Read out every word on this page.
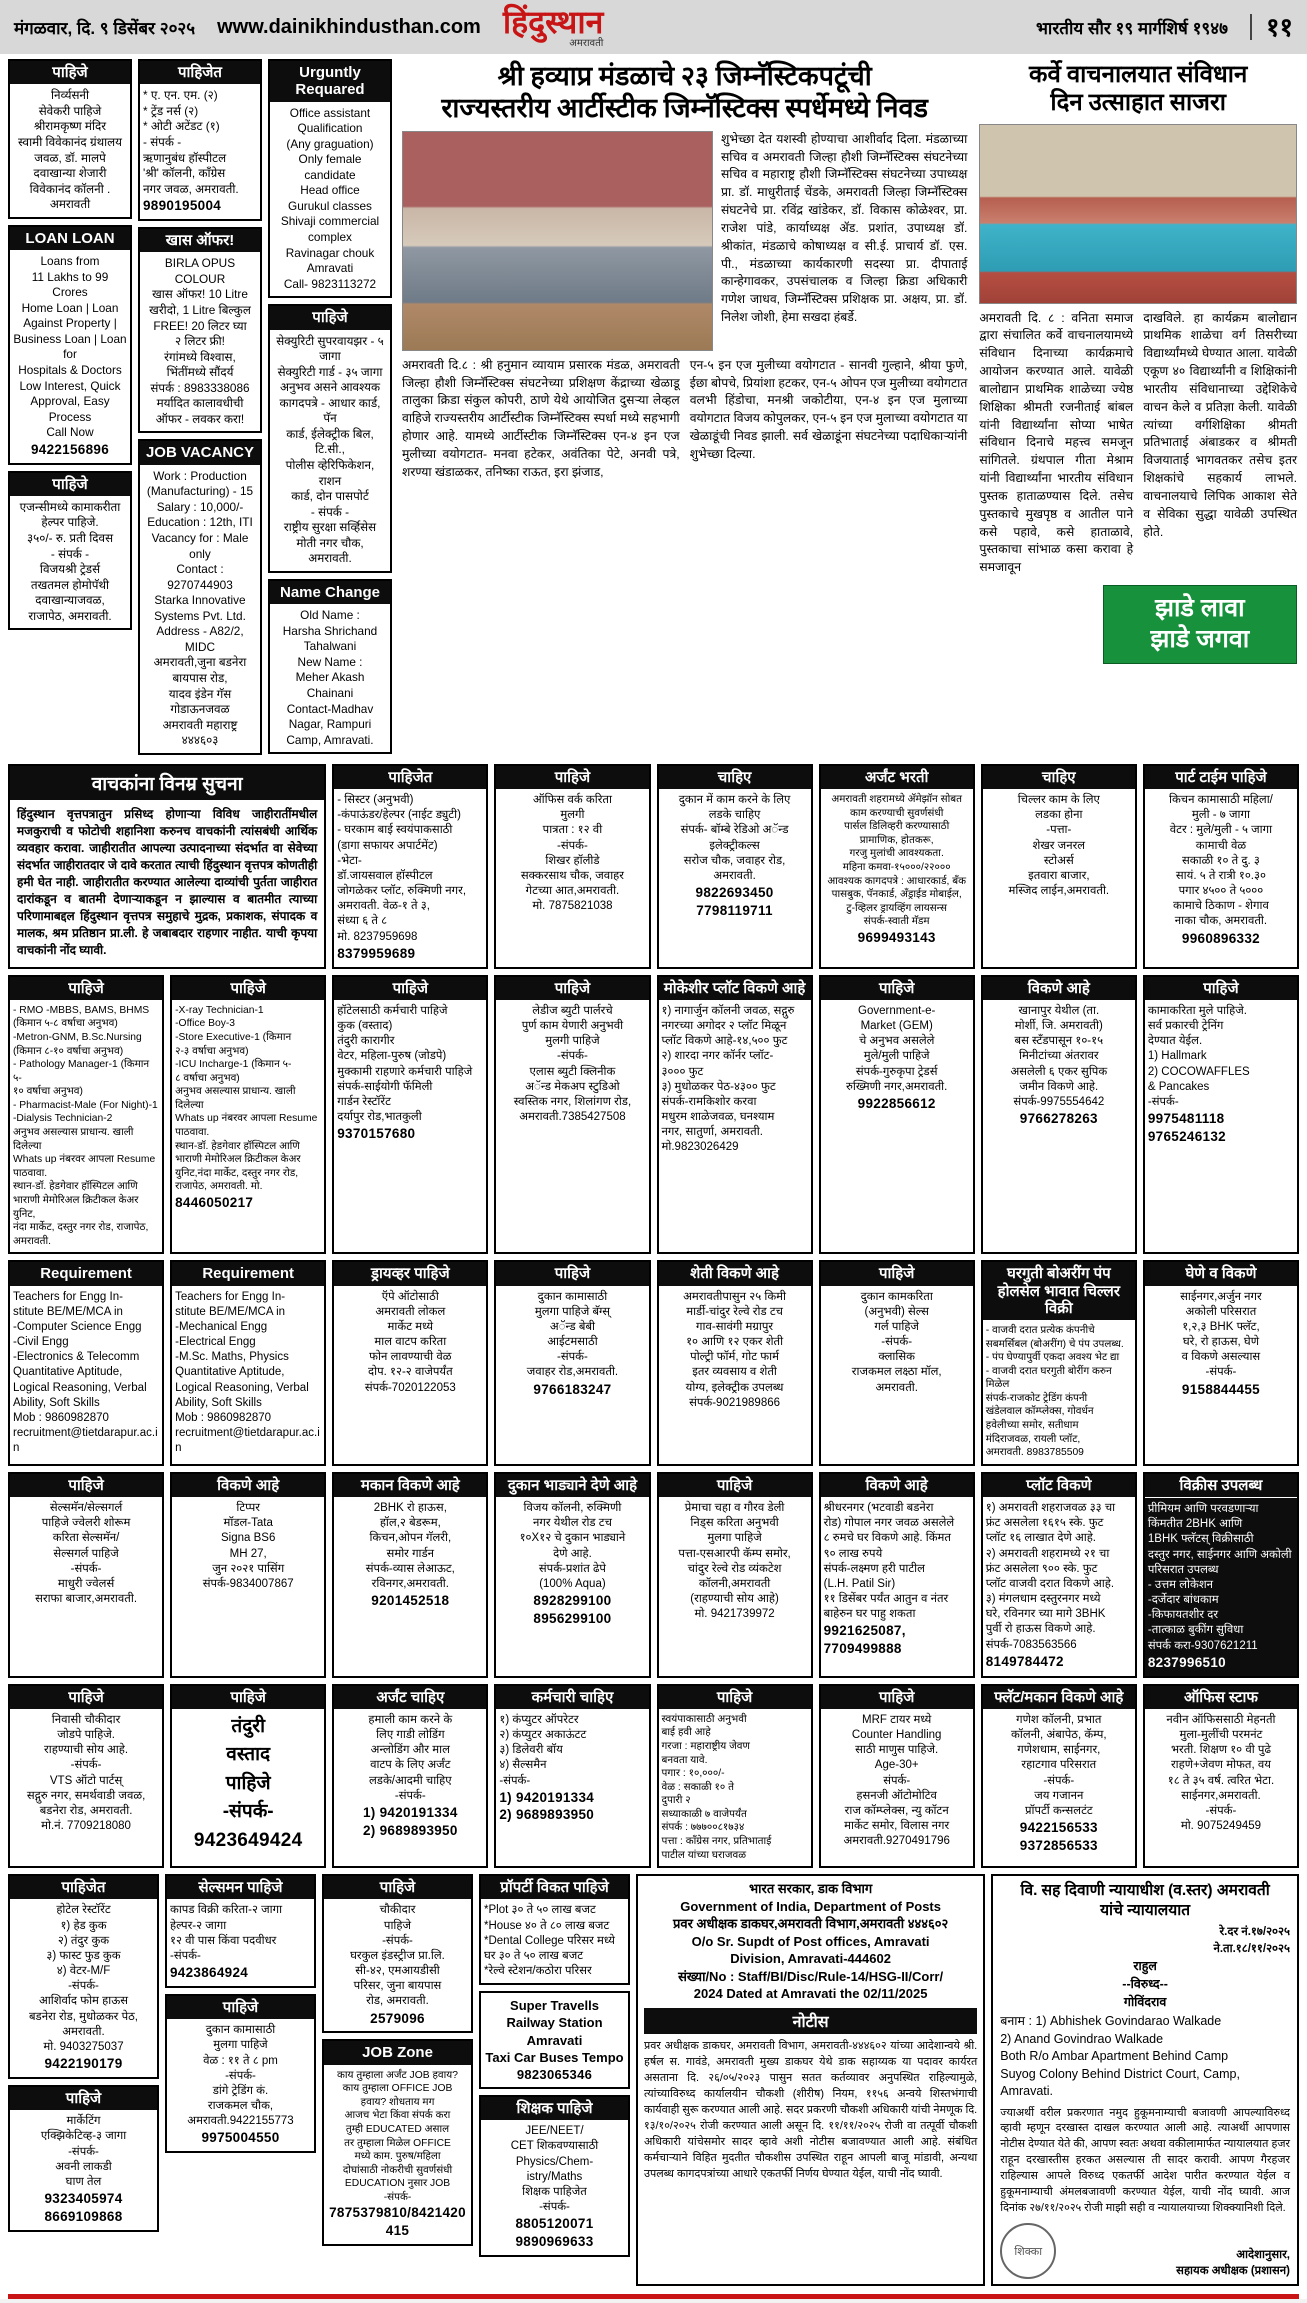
मंगळवार, दि. ९ डिसेंबर २०२५ www.dainikhindusthan.com हिंदुस्थान
अमरावती
भारतीय सौर १९ मार्गशिर्ष १९४७	११
पाहिजे
निर्व्यसनी
सेवेकरी पाहिजे
श्रीरामकृष्ण मंदिर
स्वामी विवेकानंद ग्रंथालय
जवळ, डॉ. मालपे
दवाखान्या शेजारी
विवेकानंद कॉलनी .
अमरावती
LOAN LOAN
Loans from
11 Lakhs to 99 Crores
Home Loan | Loan
Against Property |
Business Loan | Loan for
Hospitals & Doctors
Low Interest, Quick
Approval, Easy Process
Call Now
9422156896
पाहिजे
एजन्सीमध्ये कामाकरीता
हेल्पर पाहिजे.
३५०/- रु. प्रती दिवस
- संपर्क -
विजयश्री ट्रेडर्स
तखतमल होमोपॅथी
दवाखान्याजवळ,
राजापेठ, अमरावती.
पाहिजेत
* ए. एन. एम. (२)
* ट्रेंड नर्स (२)
* ओटी अटेंडट (१)
- संपर्क -
ऋणानुबंध हॉस्पीटल
'श्री' कॉलनी, काँग्रेस
नगर जवळ, अमरावती.
9890195004
खास ऑफर!
BIRLA OPUS COLOUR
खास ऑफर! 10 Litre
खरीदो, 1 Litre बिल्कुल
FREE! 20 लिटर घ्या
२ लिटर फ्री!
रंगांमध्ये विश्वास,
भिंतींमध्ये सौंदर्य
संपर्क : 8983338086
मर्यादित कालावधीची
ऑफर - लवकर करा!
JOB VACANCY
Work : Production
(Manufacturing) - 15
Salary : 10,000/-
Education : 12th, ITI
Vacancy for : Male only
Contact : 9270744903
Starka Innovative
Systems Pvt. Ltd.
Address - A82/2, MIDC
अमरावती,जुना बडनेरा बायपास रोड,
यादव इंडेन गॅस गोडाऊनजवळ
अमरावती महाराष्ट्र ४४४६०३
Urguntly Requared
Office assistant
Qualification
(Any graguation)
Only female candidate
Head office
Gurukul classes
Shivaji commercial complex
Ravinagar chouk Amravati
Call- 9823113272
पाहिजे
सेक्युरिटी सुपरवायझर - ५ जागा
सेक्युरिटी गार्ड - ३५ जागा
अनुभव असने आवश्यक
कागदपत्रे - आधार कार्ड, पॅन
कार्ड, ईलेक्ट्रीक बिल, टि.सी.,
पोलीस व्हेरिफिकेशन, राशन
कार्ड, दोन पासपोर्ट
- संपर्क -
राष्ट्रीय सुरक्षा सर्व्हिसेस
मोती नगर चौक, अमरावती.
Name Change
Old Name :
Harsha Shrichand
Tahalwani
New Name :
Meher Akash
Chainani
Contact-Madhav
Nagar, Rampuri
Camp, Amravati.
श्री हव्याप्र मंडळाचे २३ जिम्नॅस्टिकपटूंची
राज्यस्तरीय आर्टीस्टीक जिम्नॅस्टिक्स स्पर्धेमध्ये निवड
शुभेच्छा देत यशस्वी होण्याचा आशीर्वाद दिला. मंडळाच्या सचिव व अमरावती जिल्हा हौशी जिम्नॅस्टिक्स संघटनेच्या सचिव व महाराष्ट्र हौशी जिम्नॅस्टिक्स संघटनेच्या उपाध्यक्ष प्रा. डॉ. माधुरीताई चेंडके, अमरावती जिल्हा जिम्नॅस्टिक्स संघटनेचे प्रा. रविंद्र खांडेकर, डॉ. विकास कोळेश्वर, प्रा. राजेश पांडे, कार्याध्यक्ष ॲड. प्रशांत, उपाध्यक्ष डॉ. श्रीकांत, मंडळाचे कोषाध्यक्ष व सी.ई. प्राचार्य डॉ. एस. पी., मंडळाच्या कार्यकारणी सदस्या प्रा. दीपाताई कान्हेगावकर, उपसंचालक व जिल्हा क्रिडा अधिकारी गणेश जाधव, जिम्नॅस्टिक्स प्रशिक्षक प्रा. अक्षय, प्रा. डॉ. निलेश जोशी, हेमा सखदा हंबर्डे.
अमरावती दि.८ : श्री हनुमान व्यायाम प्रसारक मंडळ, अमरावती जिल्हा हौशी जिम्नॅस्टिक्स संघटनेच्या प्रशिक्षण केंद्राच्या खेळाडू तालुका क्रिडा संकुल कोपरी, ठाणे येथे आयोजित दुसऱ्या लेव्हल वाहिजे राज्यस्तरीय आर्टीस्टीक जिम्नॅस्टिक्स स्पर्धा मध्ये सहभागी होणार आहे. यामध्ये आर्टीस्टीक जिम्नॅस्टिक्स एन-४ इन एज मुलीच्या वयोगटात- मनवा हटेकर, अवंतिका पेटे, अनवी पत्रे, शरण्या खंडाळकर, तनिष्का राऊत, इरा झंजाड,
एन-५ इन एज मुलीच्या वयोगटात - सानवी गुल्हाने, श्रीया फुणे, ईछा बोपचे, प्रियांशा हटकर, एन-५ ओपन एज मुलीच्या वयोगटात वलभी हिंडोचा, मनश्री जकोटीया, एन-४ इन एज मुलाच्या वयोगटात विजय कोपुलकर, एन-५ इन एज मुलाच्या वयोगटात या खेळाडूंची निवड झाली. सर्व खेळाडूंना संघटनेच्या पदाधिकाऱ्यांनी शुभेच्छा दिल्या.
कर्वे वाचनालयात संविधान
दिन उत्साहात साजरा
अमरावती दि. ८ : वनिता समाज द्वारा संचालित कर्वे वाचनालयामध्ये संविधान दिनाच्या कार्यक्रमाचे आयोजन करण्यात आले. यावेळी बालोद्यान प्राथमिक शाळेच्या ज्येष्ठ शिक्षिका श्रीमती रजनीताई बांबल यांनी विद्यार्थ्यांना सोप्या भाषेत संविधान दिनाचे महत्त्व समजून सांगितले. ग्रंथपाल गीता मेश्राम यांनी विद्यार्थ्यांना भारतीय संविधान पुस्तक हाताळण्यास दिले. तसेच पुस्तकाचे मुखपृष्ठ व आतील पाने कसे पहावे, कसे हाताळावे, पुस्तकाचा सांभाळ कसा करावा हे समजावून
दाखविले. हा कार्यक्रम बालोद्यान प्राथमिक शाळेचा वर्ग तिसरीच्या विद्यार्थ्यांमध्ये घेण्यात आला. यावेळी एकूण ४० विद्यार्थ्यांनी व शिक्षिकांनी भारतीय संविधानाच्या उद्देशिकेचे वाचन केले व प्रतिज्ञा केली. यावेळी त्यांच्या वर्गशिक्षिका श्रीमती प्रतिभाताई अंबाडकर व श्रीमती विजयाताई भागवतकर तसेच इतर शिक्षकांचे सहकार्य लाभले. वाचनालयाचे लिपिक आकाश सेते व सेविका सुद्धा यावेळी उपस्थित होते.
झाडे लावा
झाडे जगवा
वाचकांना विनम्र सुचना
हिंदुस्थान वृत्तपत्रातुन प्रसिध्द होणाऱ्या विविध जाहीरातींमधील मजकुराची व फोटोची शहानिशा करुनच वाचकांनी त्यांसबंधी आर्थिक व्यवहार करावा. जाहीरातीत आपल्या उत्पादनाच्या संदर्भात वा सेवेच्या संदर्भात जाहीरातदार जे दावे करतात त्याची हिंदुस्थान वृत्तपत्र कोणतीही हमी घेत नाही. जाहीरातीत करण्यात आलेल्या दाव्यांची पुर्तता जाहीरात दारांकडून व बातमी देणाऱ्याकडून न झाल्यास व बातमीत त्याच्या परिणामाबद्दल हिंदुस्थान वृत्तपत्र समुहाचे मुद्रक, प्रकाशक, संपादक व मालक, श्रम प्रतिष्ठान प्रा.ली. हे जबाबदार राहणार नाहीत. याची कृपया वाचकांनी नोंद घ्यावी.
पाहिजेत
- सिस्टर (अनुभवी)
-कंपाऊंडर/हेल्पर (नाईट ड्युटी)
- घरकाम बाई स्वयंपाकसाठी
(डागा सफायर अपार्टमेंट)
-भेटा-
डॉ.जायसवाल हॉस्पीटल
जोगळेकर प्लॉट, रुक्मिणी नगर,
अमरावती. वेळ-१ ते ३,
संध्या ६ ते ८
मो. 8237959698
8379959689
पाहिजे
ऑफिस वर्क करिता
मुलगी
पात्रता : १२ वी
-संपर्क-
शिखर हॉलीडे
सक्करसाथ चौक, जवाहर
गेटच्या आत,अमरावती.
मो. 7875821038
चाहिए
दुकान में काम करने के लिए
लडके चाहिए
संपर्क- बॉम्बे रेडिओ अॅन्ड
इलेक्ट्रीकल्स
सरोज चौक, जवाहर रोड,
अमरावती.
9822693450
7798119711
अर्जंट भरती
अमरावती शहरामध्ये ॲमेझॉन सोबत
काम करण्याची सुवर्णसंधी
पार्सल डिलिव्हरी करण्यासाठी
प्रामाणिक, होतकरू,
गरजु मुलांची आवश्यकता.
महिना कमवा-१५०००/२२०००
आवश्यक कागदपत्रे : आधारकार्ड, बँक
पासबुक, पॅनकार्ड, अँड्राईड मोबाईल,
टु-व्हिलर ड्रायव्हिंग लायसन्स
संपर्क-स्वाती मॅडम
9699493143
चाहिए
चिल्लर काम के लिए
लडका होना
-पत्ता-
शेखर जनरल
स्टोअर्स
इतवारा बाजार,
मस्जिद लाईन,अमरावती.
पार्ट टाईम पाहिजे
किचन कामासाठी महिला/
मुली - ७ जागा
वेटर : मुले/मुली - ५ जागा
कामाची वेळ
सकाळी १० ते दु. ३
सायं. ५ ते रात्री १०.३०
पगार ४५०० ते ५०००
कामाचे ठिकाण - शेगाव
नाका चौक, अमरावती.
9960896332
पाहिजे
- RMO -MBBS, BAMS, BHMS
(किमान ५-८ वर्षाचा अनुभव)
-Metron-GNM, B.Sc.Nursing
(किमान ८-१० वर्षाचा अनुभव)
- Pathology Manager-1 (किमान ५-
१० वर्षाचा अनुभव)
- Pharmacist-Male (For Night)-1
-Dialysis Technician-2
अनुभव असल्यास प्राधान्य. खाली दिलेल्या
Whats up नंबरवर आपला Resume पाठवावा.
स्थान-डॉ. हेडगेवार हॉस्पिटल आणि
भाराणी मेमोरिअल क्रिटीकल केअर युनिट,
नंदा मार्केट, दस्तुर नगर रोड, राजापेठ,
अमरावती.
पाहिजे
-X-ray Technician-1
-Office Boy-3
-Store Executive-1 (किमान
२-३ वर्षाचा अनुभव)
-ICU Incharge-1 (किमान ५-
८ वर्षाचा अनुभव)
अनुभव असल्यास प्राधान्य. खाली दिलेल्या
Whats up नंबरवर आपला Resume
पाठवावा.
स्थान-डॉ. हेडगेवार हॉस्पिटल आणि
भाराणी मेमोरिअल क्रिटीकल केअर
युनिट,नंदा मार्केट, दस्तुर नगर रोड,
राजापेठ, अमरावती. मो.
8446050217
पाहिजे
हॉटेलसाठी कर्मचारी पाहिजे
कुक (वस्ताद)
तंदुरी कारागीर
वेटर, महिला-पुरुष (जोडपे)
मुक्कामी राहणारे कर्मचारी पाहिजे
संपर्क-साईयोगी फॅमिली
गार्डन रेस्टॉरेंट
दर्यापुर रोड,भातकुली
9370157680
पाहिजे
लेडीज ब्युटी पार्लरचे
पुर्ण काम येणारी अनुभवी
मुलगी पाहिजे
-संपर्क-
एलास ब्युटी क्लिनीक
अॅन्ड मेकअप स्टुडिओ
स्वस्तिक नगर, शिलांगण रोड,
अमरावती.7385427508
मोकेशीर प्लॉट विकणे आहे
१) नागार्जुन कॉलनी जवळ, सद्गुरु
नगरच्या अगोदर २ प्लॉट मिळून
प्लॉट विकणे आहे-१४,५०० फुट
२) शारदा नगर कॉर्नर प्लॉट-
३००० फुट
३) मुधोळकर पेठ-४३०० फुट
संपर्क-रामकिशोर करवा
मधुरम शाळेजवळ, घनश्याम
नगर, सातुर्णा, अमरावती.
मो.9823026429
पाहिजे
Government-e-
Market (GEM)
चे अनुभव असलेले
मुले/मुली पाहिजे
संपर्क-गुरुकृपा ट्रेडर्स
रुख्मिणी नगर,अमरावती.
9922856612
विकणे आहे
खानापुर येथील (ता.
मोर्शी, जि. अमरावती)
बस स्टँडपासून १०-१५
मिनीटांच्या अंतरावर
असलेली ६ एकर सुपिक
जमीन विकणे आहे.
संपर्क-9975554642
9766278263
पाहिजे
कामाकरिता मुले पाहिजे.
सर्व प्रकारची ट्रेनिंग
देण्यात येईल.
1) Hallmark
2) COCOWAFFLES
& Pancakes
-संपर्क-
9975481118
9765246132
Requirement
Teachers for Engg In-
stitute BE/ME/MCA in
-Computer Science Engg
-Civil Engg
-Electronics & Telecomm
Quantitative Aptitude,
Logical Reasoning, Verbal
Ability, Soft Skills
Mob : 9860982870
recruitment@tietdarapur.ac.in
Requirement
Teachers for Engg In-
stitute BE/ME/MCA in
-Mechanical Engg
-Electrical Engg
-M.Sc. Maths, Physics
Quantitative Aptitude,
Logical Reasoning, Verbal
Ability, Soft Skills
Mob : 9860982870
recruitment@tietdarapur.ac.in
ड्रायव्हर पाहिजे
ऍपे ऑटोसाठी
अमरावती लोकल
मार्केट मध्ये
माल वाटप करिता
फोन लावण्याची वेळ
दोप. १२-२ वाजेपर्यंत
संपर्क-7020122053
पाहिजे
दुकान कामासाठी
मुलगा पाहिजे बॅग्स्
अॅन्ड बेबी
आईटमसाठी
-संपर्क-
जवाहर रोड,अमरावती.
9766183247
शेती विकणे आहे
अमरावतीपासुन २५ किमी
मार्डी-चांदुर रेल्वे रोड टच
गाव-सावंगी मग्रापुर
१० आणि १२ एकर शेती
पोल्ट्री फॉर्म, गोट फार्म
इतर व्यवसाय व शेती
योग्य, इलेक्ट्रीक उपलब्ध
संपर्क-9021989866
पाहिजे
दुकान कामकरिता
(अनुभवी) सेल्स
गर्ल पाहिजे
-संपर्क-
क्लासिक
राजकमल लक्ष्ठा मॉल,
अमरावती.
घरगुती बोअरींग पंप होलसेल भावात चिल्लर विक्री
- वाजवी दरात प्रत्येक कंपनीचे
सबमर्सिबल (बोअरींग) चे पंप उपलब्ध.
- पंप घेण्यापुर्वी एकदा अवश्य भेट द्या
- वाजवी दरात घरगुती बोरींग करुन
मिळेल
संपर्क-राजकोट ट्रेडिंग कंपनी
खंडेलवाल कॉम्प्लेक्स, गोवर्धन
हवेलीच्या समोर, सतीधाम
मंदिराजवळ, रायली प्लॉट,
अमरावती. 8983785509
घेणे व विकणे
साईनगर,अर्जुन नगर
अकोली परिसरात
१,२,३ BHK फ्लॅट,
घरे, रो हाऊस, घेणे
व विकणे असल्यास
-संपर्क-
9158844455
पाहिजे
सेल्समॅन/सेल्सगर्ल
पाहिजे ज्वेलरी शोरूम
करिता सेल्समॅन/
सेल्सगर्ल पाहिजे
-संपर्क-
माधुरी ज्वेलर्स
सराफा बाजार,अमरावती.
विकणे आहे
टिप्पर
मॉडल-Tata
Signa BS6
MH 27,
जुन २०२१ पासिंग
संपर्क-9834007867
मकान विकणे आहे
2BHK रो हाऊस,
हॉल,२ बेडरूम,
किचन,ओपन गॅलरी,
समोर गार्डन
संपर्क-व्यास लेआऊट,
रविनगर,अमरावती.
9201452518
दुकान भाड्याने देणे आहे
विजय कॉलनी, रुक्मिणी
नगर येथील रोड टच
१०X१२ चे दुकान भाड्याने
देणे आहे.
संपर्क-प्रशांत ढेपे
(100% Aqua)
8928299100
8956299100
पाहिजे
प्रेमाचा चहा व गौरव डेली
निड्स करिता अनुभवी
मुलगा पाहिजे
पत्ता-एसआरपी कॅम्प समोर,
चांदुर रेल्वे रोड व्यंकटेश
कॉलनी,अमरावती
(राहण्याची सोय आहे)
मो. 9421739972
विकणे आहे
श्रीधरनगर (भटवाडी बडनेरा
रोड) गोपाल नगर जवळ असलेले
८ रुमचे घर विकणे आहे. किंमत
९० लाख रुपये
संपर्क-लक्ष्मण हरी पाटील
(L.H. Patil Sir)
११ डिसेंबर पर्यंत आतुन व नंतर
बाहेरुन घर पाहु शकता
9921625087, 7709499888
प्लॉट विकणे
१) अमरावती शहराजवळ ३३ चा
फ्रंट असलेला १६१५ स्के. फुट
प्लॉट १६ लाखात देणे आहे.
२) अमरावती शहरामध्ये २१ चा
फ्रंट असलेला ९०० स्के. फुट
प्लॉट वाजवी दरात विकणे आहे.
३) मंगलधाम दस्तुरनगर मध्ये
घरे, रविनगर च्या मागे 3BHK
पुर्वी रो हाऊस विकणे आहे.
संपर्क-7083563566
8149784472
विक्रीस उपलब्ध
प्रीमियम आणि परवडणाऱ्या
किंमतीत 2BHK आणि
1BHK फ्लॅटस् विक्रीसाठी
दस्तुर नगर, साईनगर आणि अकोली
परिसरात उपलब्ध
- उत्तम लोकेशन
-दर्जेदार बांधकाम
-किफायतशीर दर
-तात्काळ बुकींग सुविधा
संपर्क करा-9307621211
8237996510
पाहिजे
निवासी चौकीदार
जोडपे पाहिजे.
राहण्याची सोय आहे.
-संपर्क-
VTS ऑटो पार्टस्
सद्गुरु नगर, समर्थवाडी जवळ,
बडनेरा रोड, अमरावती.
मो.नं. 7709218080
पाहिजे
तंदुरी
वस्ताद
पाहिजे
-संपर्क-
9423649424
अर्जंट चाहिए
हमाली काम करने के
लिए गाडी लोडिंग
अन्लोडिंग और माल
वाटप के लिए अर्जंट
लडके/आदमी चाहिए
-संपर्क-
1) 9420191334
2) 9689893950
कर्मचारी चाहिए
१) कंप्युटर ऑपरेटर
२) कंप्युटर अकाऊंटट
३) डिलेवरी बॉय
४) सैल्समैन
-संपर्क-
1) 9420191334
2) 9689893950
पाहिजे
स्वयंपाकासाठी अनुभवी
बाई हवी आहे
गरजा : महाराष्ट्रीय जेवण
बनवता यावे.
पगार : १०,०००/-
वेळ : सकाळी १० ते
दुपारी २
सध्याकाळी ७ वाजेपर्यंत
संपर्क : ७७७००८१७३४
पत्ता : काँग्रेस नगर, प्रतिभाताई
पाटील यांच्या घराजवळ
पाहिजे
MRF टायर मध्ये
Counter Handling
साठी माणुस पाहिजे.
Age-30+
संपर्क-
हसनजी ऑटोमोटिव
राज कॉम्प्लेक्स, न्यु कॉटन
मार्केट समोर, विलास नगर
अमरावती.9270491796
फ्लॅट/मकान विकणे आहे
गणेश कॉलनी, प्रभात
कॉलनी, अंबापेठ, कॅम्प,
गणेशधाम, साईनगर,
रहाटगाव परिसरात
-संपर्क-
जय गजानन
प्रॉपर्टी कन्सलटंट
9422156533
9372856533
ऑफिस स्टाफ
नवीन ऑफिससाठी मेहनती
मुला-मुलींची परमनंट
भरती. शिक्षण १० वी पुढे
राहणे+जेवण मोफत, वय
१८ ते ३५ वर्ष. त्वरित भेटा.
साईनगर,अमरावती.
-संपर्क-
मो. 9075249459
पाहिजेत
होटेल रेस्टॉरेंट
१) हेड कुक
२) तंदुर कुक
३) फास्ट फुड कुक
४) वेटर-M/F
-संपर्क-
आशिर्वाद फोम हाऊस
बडनेरा रोड, मुधोळकर पेठ,
अमरावती.
मो. 9403275037
9422190179
पाहिजे
मार्केटिंग
एक्झिकेटिव्ह-३ जागा
-संपर्क-
अवनी लाकडी
घाण तेल
9323405974
8669109868
सेल्समन पाहिजे
कापड विक्री करिता-२ जागा
हेल्पर-२ जागा
१२ वी पास किंवा पदवीधर
-संपर्क-
9423864924
पाहिजे
दुकान कामासाठी
मुलगा पाहिजे
वेळ : ११ ते ८ pm
-संपर्क-
डांगे ट्रेडिंग कं.
राजकमल चौक,
अमरावती.9422155773
9975004550
पाहिजे
चौकीदार
पाहिजे
-संपर्क-
घरकुल इंडस्ट्रीज प्रा.लि.
सी-४२, एमआयडीसी
परिसर, जुना बायपास
रोड, अमरावती.
2579096
JOB Zone
काय तुम्हाला अर्जंट JOB हवाय?
काय तुम्हाला OFFICE JOB
हवाय? शोधताय मग
आजच भेटा किंवा संपर्क करा
तुम्ही EDUCATED असाल
तर तुम्हाला मिळेल OFFICE
मध्ये काम. पुरुष/महिला
दोघांसाठी नोकरीची सुवर्णसंधी
EDUCATION नुसार JOB
-संपर्क-
7875379810/8421420415
प्रॉपर्टी विकत पाहिजे
*Plot ३० ते ५० लाख बजट
*House ४० ते ८० लाख बजट
*Dental College परिसर मध्ये
घर ३० ते ५० लाख बजट
*रेल्वे स्टेशन/कठोरा परिसर
Super Travells
Railway Station Amravati
Taxi Car Buses Tempo
9823065346
शिक्षक पाहिजे
JEE/NEET/
CET शिकवण्यासाठी
Physics/Chem-
istry/Maths
शिक्षक पाहिजेत
-संपर्क-
8805120071
9890969633
भारत सरकार, डाक विभाग
Government of India, Department of Posts
प्रवर अधीक्षक डाकघर,अमरावती विभाग,अमरावती ४४४६०२
O/o Sr. Supdt of Post offices, Amravati
Division, Amravati-444602
संख्या/No : Staff/BI/Disc/Rule-14/HSG-II/Corr/
2024 Dated at Amravati the 02/11/2025
नोटीस
प्रवर अधीक्षक डाकघर, अमरावती विभाग, अमरावती-४४४६०२ यांच्या आदेशान्वये श्री. हर्षल स. गावंडे, अमरावती मुख्य डाकघर येथे डाक सहाय्यक या पदावर कार्यरत असताना दि. २६/०५/२०२३ पासुन सतत कर्तव्यावर अनुपस्थित राहिल्यामुळे, त्यांच्याविरुध्द कार्यालयीन चौकशी (शीरीष) नियम, ११५६ अन्वये शिस्तभंगाची कार्यवाही सुरू करण्यात आली आहे. सदर प्रकरणी चौकशी अधिकारी यांची नेमणूक दि. १३/१०/२०२५ रोजी करण्यात आली असून दि. ११/११/२०२५ रोजी वा तत्पूर्वी चौकशी अधिकारी यांचेसमोर सादर व्हावे अशी नोटीस बजावण्यात आली आहे. संबंधित कर्मचाऱ्याने विहित मुदतीत चौकशीस उपस्थित राहून आपली बाजू मांडावी, अन्यथा उपलब्ध कागदपत्रांच्या आधारे एकतर्फी निर्णय घेण्यात येईल, याची नोंद घ्यावी.
वि. सह दिवाणी न्यायाधीश (व.स्तर) अमरावती
यांचे न्यायालयात
रे.दर नं.१७/२०२५
ने.ता.१८/११/२०२५
राहुल
--विरुध्द--
गोविंदराव
बनाम : 1) Abhishek Govindarao Walkade
2) Anand Govindrao Walkade
Both R/o Ambar Apartment Behind Camp
Suyog Colony Behind District Court, Camp,
Amravati.
ज्याअर्थी वरील प्रकरणात नमुद हुकूमनाम्याची बजावणी आपल्याविरुध्द व्हावी म्हणून दरखास्त दाखल करण्यात आली आहे. त्याअर्थी आपणास नोटीस देण्यात येते की, आपण स्वतः अथवा वकीलामार्फत न्यायालयात हजर राहून दरखास्तीस हरकत असल्यास ती सादर करावी. आपण गैरहजर राहिल्यास आपले विरुध्द एकतर्फी आदेश पारीत करण्यात येईल व हुकूमनाम्याची अंमलबजावणी करण्यात येईल, याची नोंद घ्यावी. आज दिनांक २७/११/२०२५ रोजी माझी सही व न्यायालयाच्या शिक्क्यानिशी दिले.
शिक्का	आदेशानुसार,
सहायक अधीक्षक (प्रशासन)
